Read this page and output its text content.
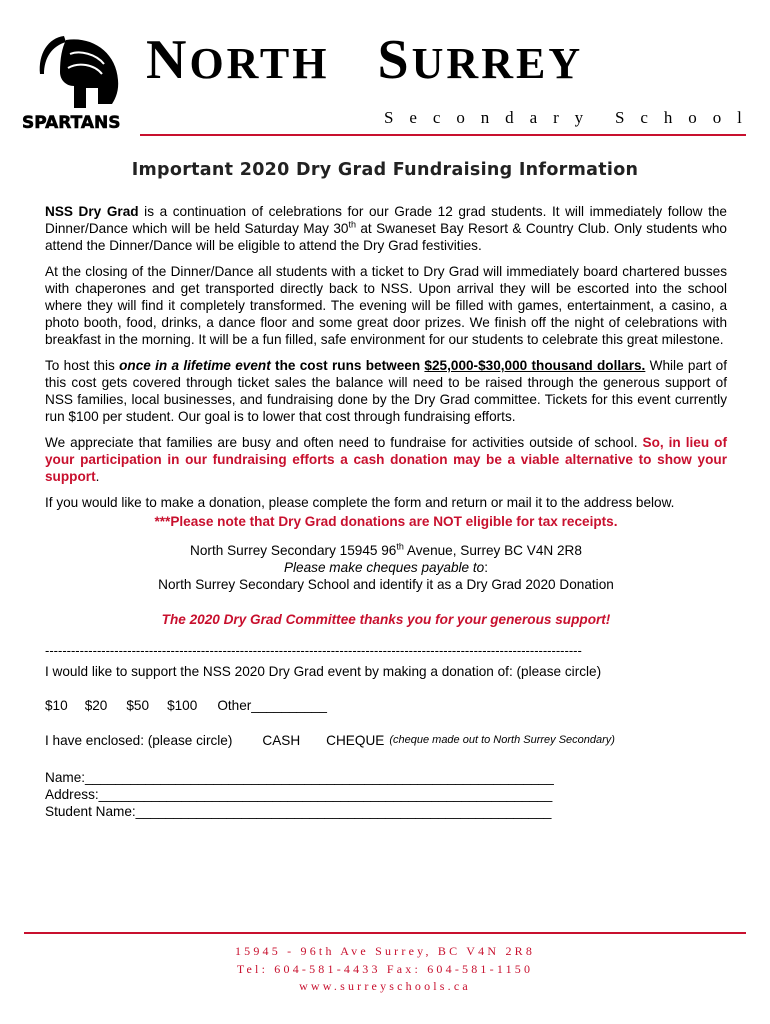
SPARTANS
NORTH SURREY
S e c o n d a r y S c h o o l
Important 2020 Dry Grad Fundraising Information

NSS Dry Grad is a continuation of celebrations for our Grade 12 grad students. It will immediately follow the Dinner/Dance which will be held Saturday May 30th at Swaneset Bay Resort & Country Club. Only students who attend the Dinner/Dance will be eligible to attend the Dry Grad festivities.

At the closing of the Dinner/Dance all students with a ticket to Dry Grad will immediately board chartered busses with chaperones and get transported directly back to NSS. Upon arrival they will be escorted into the school where they will find it completely transformed. The evening will be filled with games, entertainment, a casino, a photo booth, food, drinks, a dance floor and some great door prizes. We finish off the night of celebrations with breakfast in the morning. It will be a fun filled, safe environment for our students to celebrate this great milestone.

To host this once in a lifetime event the cost runs between $25,000-$30,000 thousand dollars. While part of this cost gets covered through ticket sales the balance will need to be raised through the generous support of NSS families, local businesses, and fundraising done by the Dry Grad committee. Tickets for this event currently run $100 per student. Our goal is to lower that cost through fundraising efforts.

We appreciate that families are busy and often need to fundraise for activities outside of school. So, in lieu of your participation in our fundraising efforts a cash donation may be a viable alternative to show your support.

If you would like to make a donation, please complete the form and return or mail it to the address below.

***Please note that Dry Grad donations are NOT eligible for tax receipts.

North Surrey Secondary 15945 96th Avenue, Surrey BC V4N 2R8

Please make cheques payable to:

North Surrey Secondary School and identify it as a Dry Grad 2020 Donation

The 2020 Dry Grad Committee thanks you for your generous support!

----------------------------------------------------------------------------------------------------------------------------

I would like to support the NSS 2020 Dry Grad event by making a donation of: (please circle)

$10 $20 $50 $100 Other__________
I have enclosed: (please circle) CASH CHEQUE (cheque made out to North Surrey Secondary)

Name:______________________________________________________________

Address:____________________________________________________________

Student Name:_______________________________________________________

15945 - 96th Ave Surrey, BC V4N 2R8
Tel: 604-581-4433 Fax: 604-581-1150
www.surreyschools.ca
